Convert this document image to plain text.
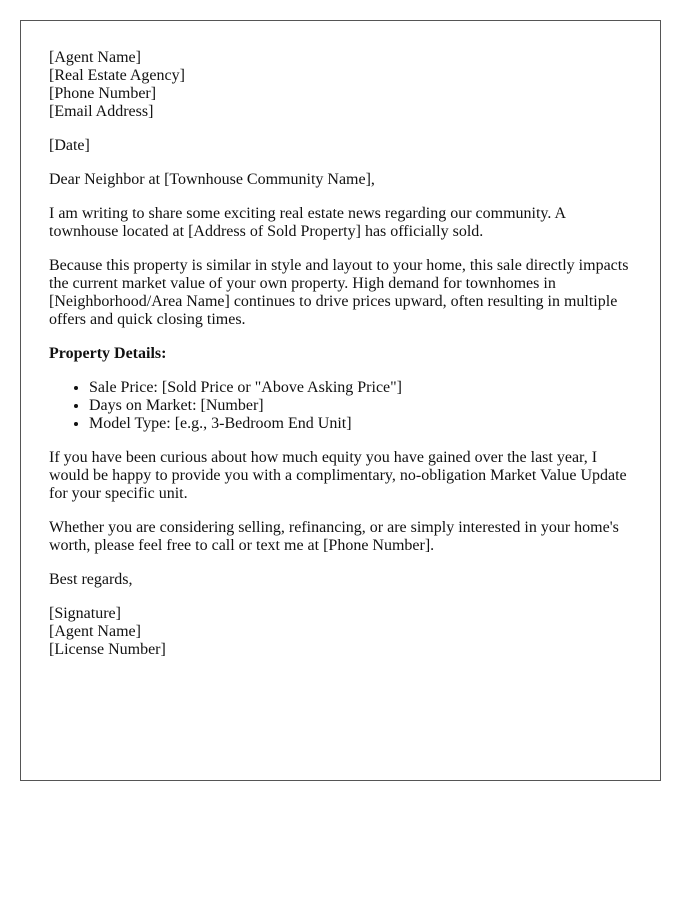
[Agent Name]
[Real Estate Agency]
[Phone Number]
[Email Address]

[Date]

Dear Neighbor at [Townhouse Community Name],

I am writing to share some exciting real estate news regarding our community. A townhouse located at [Address of Sold Property] has officially sold.

Because this property is similar in style and layout to your home, this sale directly impacts the current market value of your own property. High demand for townhomes in [Neighborhood/Area Name] continues to drive prices upward, often resulting in multiple offers and quick closing times.

Property Details:

• Sale Price: [Sold Price or "Above Asking Price"]
• Days on Market: [Number]
• Model Type: [e.g., 3-Bedroom End Unit]

If you have been curious about how much equity you have gained over the last year, I would be happy to provide you with a complimentary, no-obligation Market Value Update for your specific unit.

Whether you are considering selling, refinancing, or are simply interested in your home's worth, please feel free to call or text me at [Phone Number].

Best regards,

[Signature]
[Agent Name]
[License Number]
